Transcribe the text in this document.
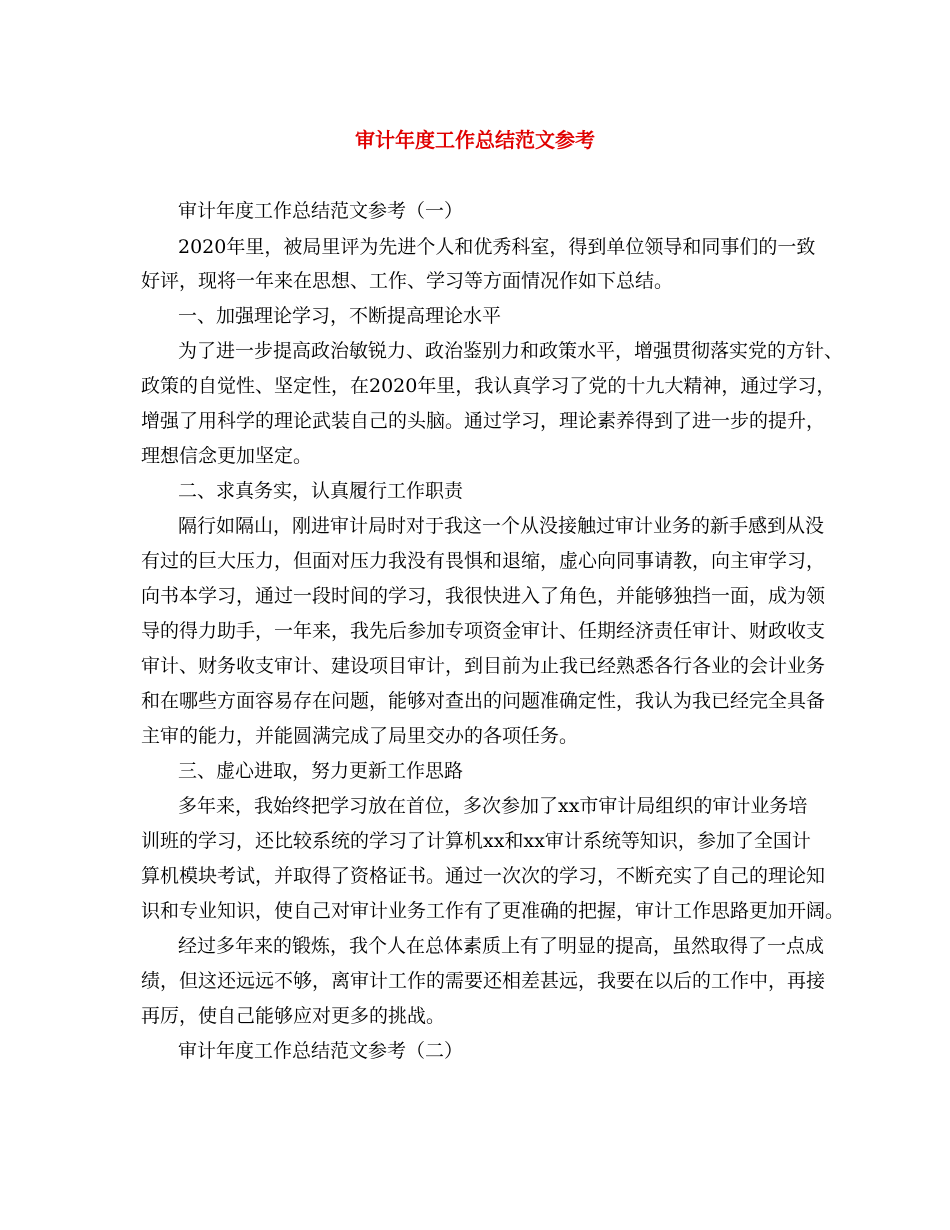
审计年度工作总结范文参考
审计年度工作总结范文参考（一）
2020年里，被局里评为先进个人和优秀科室，得到单位领导和同事们的一致
好评，现将一年来在思想、工作、学习等方面情况作如下总结。
一、加强理论学习，不断提高理论水平
为了进一步提高政治敏锐力、政治鉴别力和政策水平，增强贯彻落实党的方针、
政策的自觉性、坚定性，在2020年里，我认真学习了党的十九大精神，通过学习，
增强了用科学的理论武装自己的头脑。通过学习，理论素养得到了进一步的提升，
理想信念更加坚定。
二、求真务实，认真履行工作职责
隔行如隔山，刚进审计局时对于我这一个从没接触过审计业务的新手感到从没
有过的巨大压力，但面对压力我没有畏惧和退缩，虚心向同事请教，向主审学习，
向书本学习，通过一段时间的学习，我很快进入了角色，并能够独挡一面，成为领
导的得力助手，一年来，我先后参加专项资金审计、任期经济责任审计、财政收支
审计、财务收支审计、建设项目审计，到目前为止我已经熟悉各行各业的会计业务
和在哪些方面容易存在问题，能够对查出的问题准确定性，我认为我已经完全具备
主审的能力，并能圆满完成了局里交办的各项任务。
三、虚心进取，努力更新工作思路
多年来，我始终把学习放在首位，多次参加了xx市审计局组织的审计业务培
训班的学习，还比较系统的学习了计算机xx和xx审计系统等知识，参加了全国计
算机模块考试，并取得了资格证书。通过一次次的学习，不断充实了自己的理论知
识和专业知识，使自己对审计业务工作有了更准确的把握，审计工作思路更加开阔。
经过多年来的锻炼，我个人在总体素质上有了明显的提高，虽然取得了一点成
绩，但这还远远不够，离审计工作的需要还相差甚远，我要在以后的工作中，再接
再厉，使自己能够应对更多的挑战。
审计年度工作总结范文参考（二）
